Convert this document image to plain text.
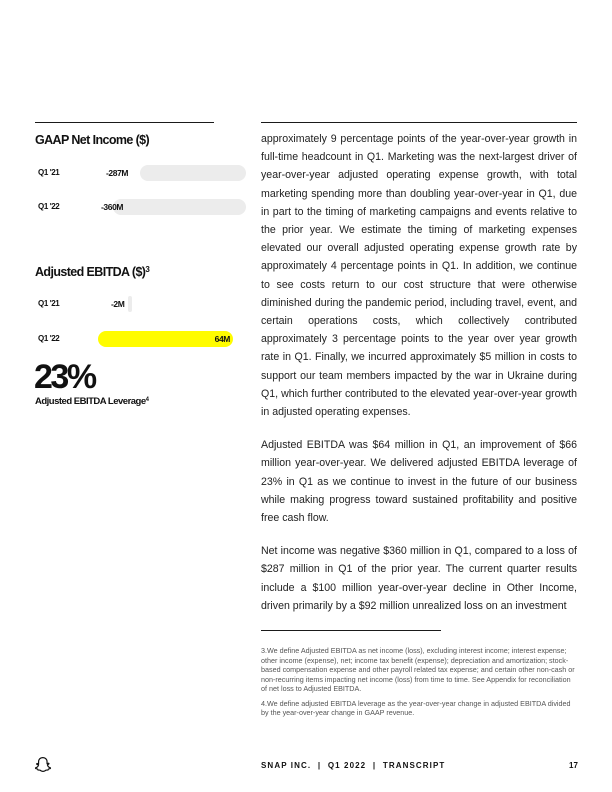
GAAP Net Income ($)
Q1 '21	-287M
Q1 '22	-360M
Adjusted EBITDA ($)$^3$
Q1 '21	-2M
Q1 '22	64M
23%
Adjusted EBITDA Leverage$^4$

approximately 9 percentage points of the year-over-year growth in full-time headcount in Q1. Marketing was the next-largest driver of year-over-year adjusted operating expense growth, with total marketing spending more than doubling year-over-year in Q1, due in part to the timing of marketing campaigns and events relative to the prior year. We estimate the timing of marketing expenses elevated our overall adjusted operating expense growth rate by approximately 4 percentage points in Q1. In addition, we continue to see costs return to our cost structure that were otherwise diminished during the pandemic period, including travel, event, and certain operations costs, which collectively contributed approximately 3 percentage points to the year over year growth rate in Q1. Finally, we incurred approximately $5 million in costs to support our team members impacted by the war in Ukraine during Q1, which further contributed to the elevated year-over-year growth in adjusted operating expenses.

Adjusted EBITDA was $64 million in Q1, an improvement of $66 million year-over-year. We delivered adjusted EBITDA leverage of 23% in Q1 as we continue to invest in the future of our business while making progress toward sustained profitability and positive free cash flow.

Net income was negative $360 million in Q1, compared to a loss of $287 million in Q1 of the prior year. The current quarter results include a $100 million year-over-year decline in Other Income, driven primarily by a $92 million unrealized loss on an investment

3.We define Adjusted EBITDA as net income (loss), excluding interest income; interest expense; other income (expense), net; income tax benefit (expense); depreciation and amortization; stock-based compensation expense and other payroll related tax expense; and certain other non-cash or non-recurring items impacting net income (loss) from time to time. See Appendix for reconciliation of net loss to Adjusted EBITDA.

4.We define adjusted EBITDA leverage as the year-over-year change in adjusted EBITDA divided by the year-over-year change in GAAP revenue.

SNAP INC.  |  Q1 2022  |  TRANSCRIPT	17
